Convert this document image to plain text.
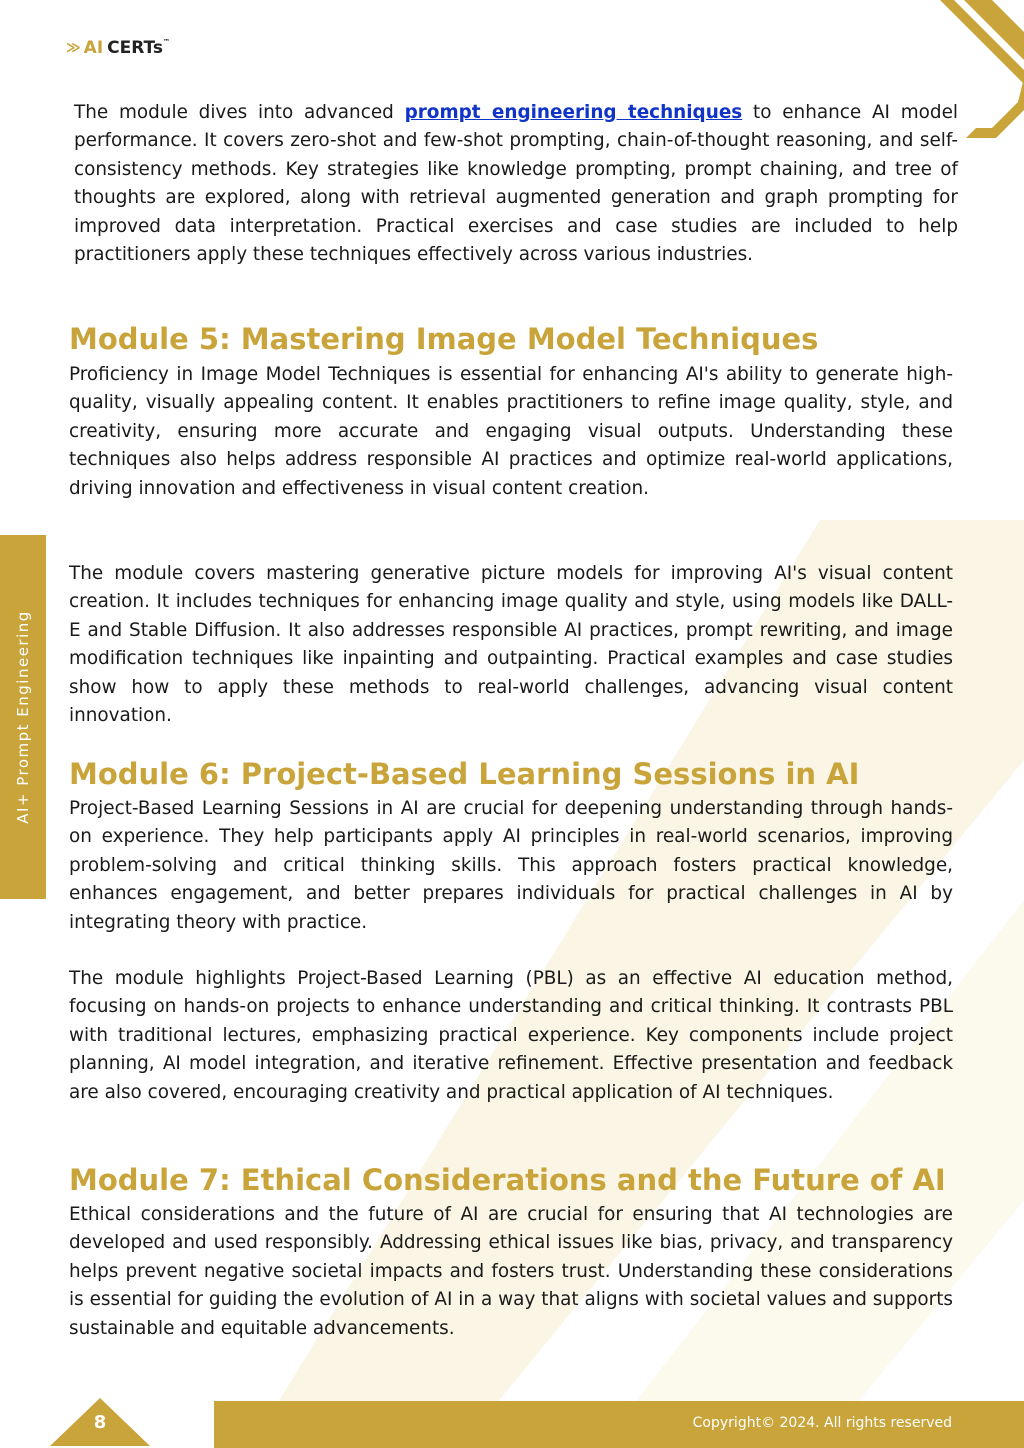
≫ AI CERTs™
AI+ Prompt Engineering

The module dives into advanced prompt engineering techniques to enhance AI model performance. It covers zero-shot and few-shot prompting, chain-of-thought reasoning, and self-consistency methods. Key strategies like knowledge prompting, prompt chaining, and tree of thoughts are explored, along with retrieval augmented generation and graph prompting for improved data interpretation. Practical exercises and case studies are included to help practitioners apply these techniques effectively across various industries.

Module 5: Mastering Image Model Techniques

Proficiency in Image Model Techniques is essential for enhancing AI's ability to generate high-quality, visually appealing content. It enables practitioners to refine image quality, style, and creativity, ensuring more accurate and engaging visual outputs. Understanding these techniques also helps address responsible AI practices and optimize real-world applications, driving innovation and effectiveness in visual content creation.

The module covers mastering generative picture models for improving AI's visual content creation. It includes techniques for enhancing image quality and style, using models like DALL-E and Stable Diffusion. It also addresses responsible AI practices, prompt rewriting, and image modification techniques like inpainting and outpainting. Practical examples and case studies show how to apply these methods to real-world challenges, advancing visual content innovation.

Module 6: Project-Based Learning Sessions in AI

Project-Based Learning Sessions in AI are crucial for deepening understanding through hands-on experience. They help participants apply AI principles in real-world scenarios, improving problem-solving and critical thinking skills. This approach fosters practical knowledge, enhances engagement, and better prepares individuals for practical challenges in AI by integrating theory with practice.

The module highlights Project-Based Learning (PBL) as an effective AI education method, focusing on hands-on projects to enhance understanding and critical thinking. It contrasts PBL with traditional lectures, emphasizing practical experience. Key components include project planning, AI model integration, and iterative refinement. Effective presentation and feedback are also covered, encouraging creativity and practical application of AI techniques.

Module 7: Ethical Considerations and the Future of AI

Ethical considerations and the future of AI are crucial for ensuring that AI technologies are developed and used responsibly. Addressing ethical issues like bias, privacy, and transparency helps prevent negative societal impacts and fosters trust. Understanding these considerations is essential for guiding the evolution of AI in a way that aligns with societal values and supports sustainable and equitable advancements.

8	Copyright© 2024. All rights reserved
